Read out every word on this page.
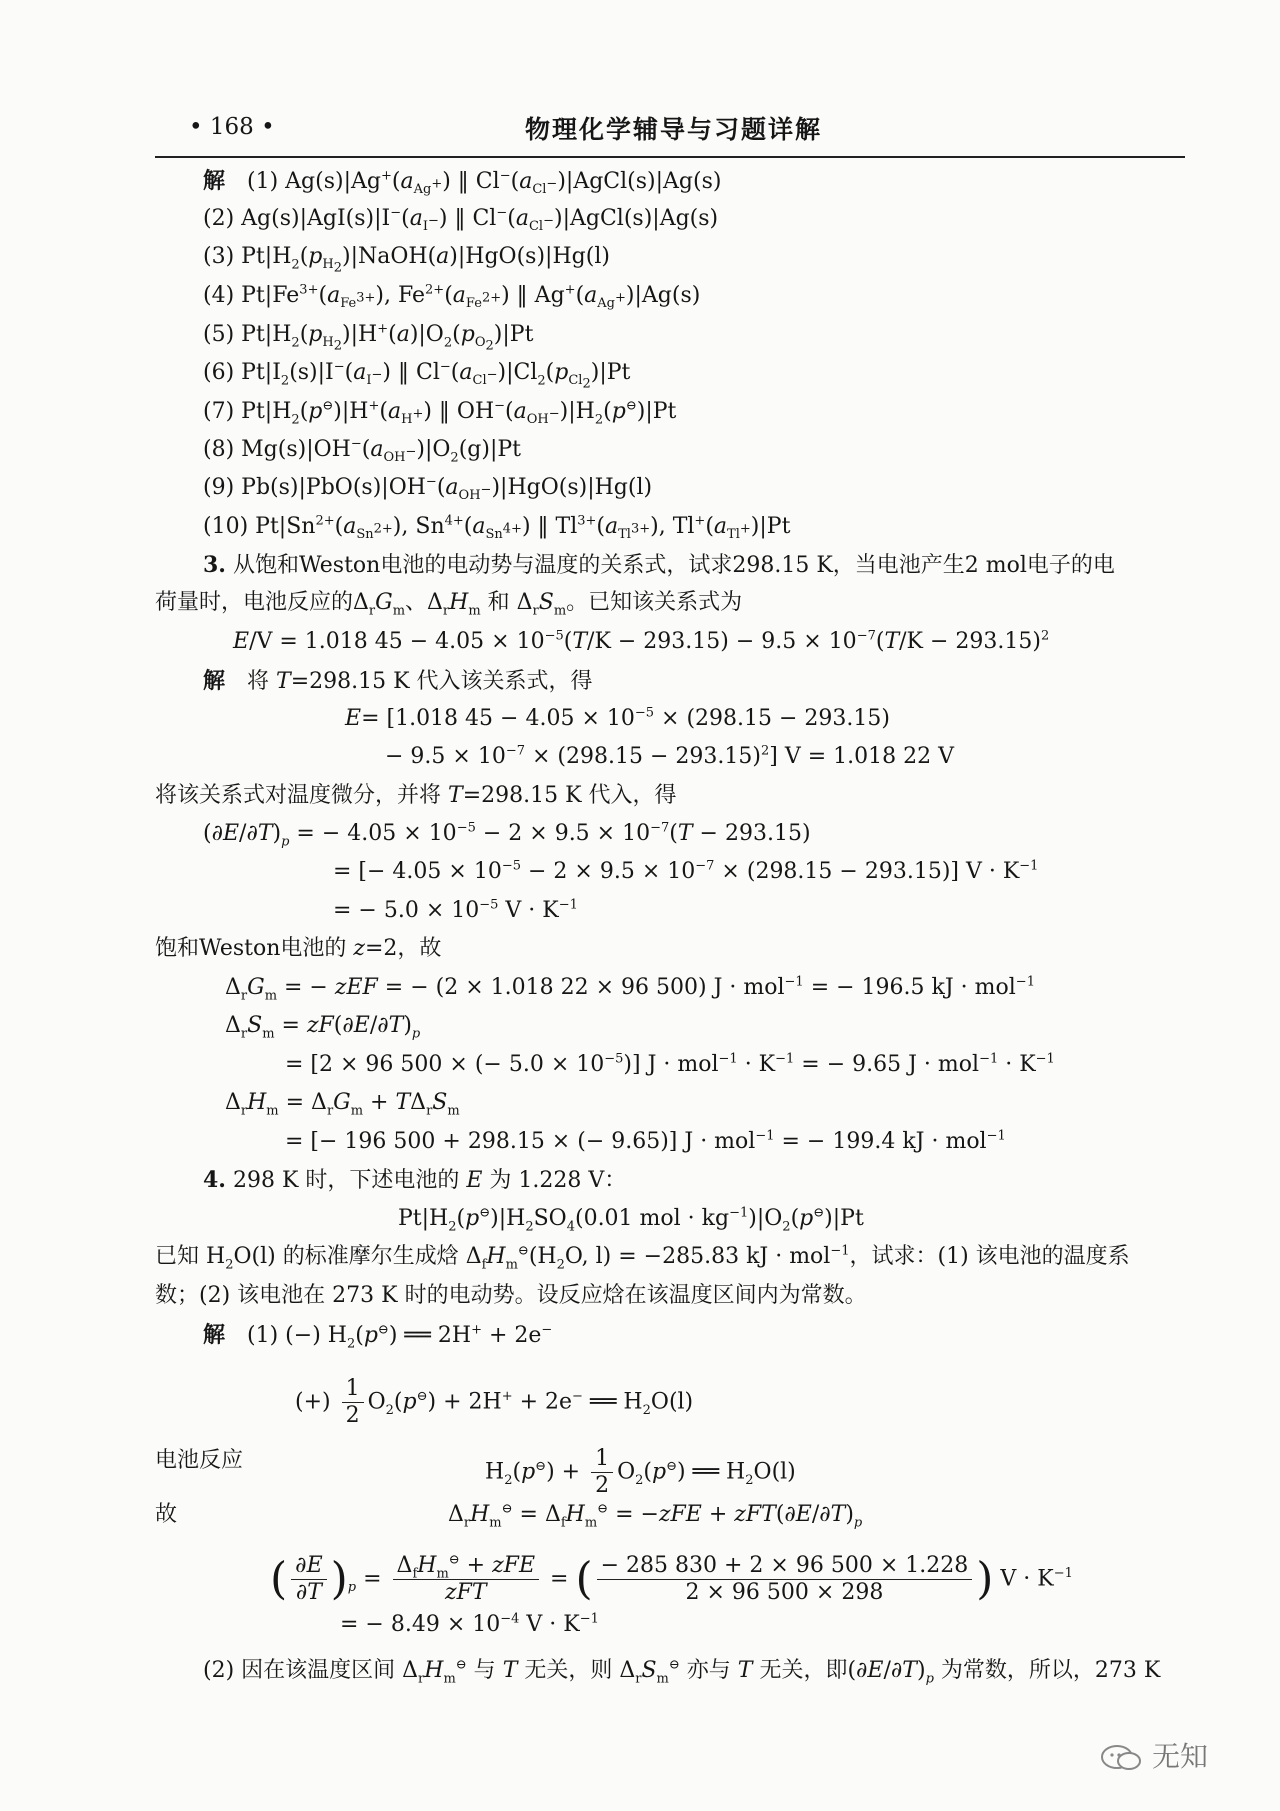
• 168 •	物理化学辅导与习题详解
解　(1) $Ag(s)|Ag^+(a_{Ag^+})$ ‖ $Cl^-(a_{Cl^-})|AgCl(s)|Ag(s)$
(2) $Ag(s)|AgI(s)|I^-(a_{I^-})$ ‖ $Cl^-(a_{Cl^-})|AgCl(s)|Ag(s)$
(3) $Pt|H_2(p_{H_2})|NaOH(a)|HgO(s)|Hg(l)$
(4) $Pt|Fe^{3+}(a_{Fe^{3+}})$, $Fe^{2+}(a_{Fe^{2+}})$ ‖ $Ag^+(a_{Ag^+})|Ag(s)$
(5) $Pt|H_2(p_{H_2})|H^+(a)|O_2(p_{O_2})|Pt$
(6) $Pt|I_2(s)|I^-(a_{I^-})$ ‖ $Cl^-(a_{Cl^-})|Cl_2(p_{Cl_2})|Pt$
(7) $Pt|H_2(p^⊖)|H^+(a_{H^+})$ ‖ $OH^-(a_{OH^-})|H_2(p^⊖)|Pt$
(8) $Mg(s)|OH^-(a_{OH^-})|O_2(g)|Pt$
(9) $Pb(s)|PbO(s)|OH^-(a_{OH^-})|HgO(s)|Hg(l)$
(10) $Pt|Sn^{2+}(a_{Sn^{2+}})$, $Sn^{4+}(a_{Sn^{4+}})$ ‖ $Tl^{3+}(a_{Tl^{3+}})$, $Tl^+(a_{Tl^+})|Pt$
3. 从饱和Weston电池的电动势与温度的关系式，试求298.15 K，当电池产生2 mol电子的电
荷量时，电池反应的$\Delta_rG_m$、$\Delta_rH_m$ 和 $\Delta_rS_m$。已知该关系式为
E/V = 1.018 $45 - 4.05 \times 10^{-5}(T/K - 293.15) - 9.5 \times 10^{-7}(T/K - 293.15)^2$
解　将 T=298.15 K 代入该关系式，得
E= [1.018 $45 - 4.05 \times 10^{-5} \times (298.15 - 293.15)$
− $9.5 \times 10^{-7} \times (298.15 - 293.15)^2$] V = 1.018 22 V
将该关系式对温度微分，并将 T=298.15 K 代入，得
$(\partial E/\partial T)_p$ = − $4.05 \times 10^{-5} - 2 \times 9.5 \times 10^{-7}(T - 293.15)$
= [− $4.05 \times 10^{-5} - 2 \times 9.5 \times 10^{-7} \times (298.15 - 293.15)$] $V \cdot K^{-1}$
= − $5.0 \times 10^{-5}$ $V \cdot K^{-1}$
饱和Weston电池的 z=2，故
$\Delta_rG_m$ = − zEF = − (2 × 1.018 22 × 96 500) J · mol$^{-1}$ = − 196.5 kJ · mol$^{-1}$
$\Delta_rS_m = zF(\partial E/\partial T)_p$
= [2 × 96 500 × (− $5.0 \times 10^{-5}$)] $J \cdot mol^{-1} \cdot K^{-1}$ = − 9.65 $J \cdot mol^{-1} \cdot K^{-1}$
$\Delta_rH_m = \Delta_rG_m + T\Delta_rS_m$
= [− 196 500 + 298.15 × (− 9.65)] J · mol$^{-1}$ = − 199.4 kJ · mol$^{-1}$
4. 298 K 时，下述电池的 E 为 1.228 V：
$Pt|H_2(p^⊖)|H_2SO_4(0.01$ mol · $kg^{-1})|O_2(p^⊖)|Pt$
已知 $H_2O(l)$ 的标准摩尔生成焓 $\Delta_fH_m^⊖(H_2O$, l) = −285.83 kJ · mol$^{-1}$，试求：(1) 该电池的温度系
数；(2) 该电池在 273 K 时的电动势。设反应焓在该温度区间内为常数。
解　(1) (−) $H_2(p^⊖)$ ══ 2H+ + 2e−
(+) $\frac{1}{2} O_2(p^⊖) + 2H^+ + 2e^-$ ══ $H_2O(l)$
电池反应	$H_2(p^⊖) + \frac{1}{2} O_2(p^⊖)$ ══ $H_2O(l)$
故	$\Delta_rH_m^⊖ = \Delta_fH_m^⊖ = -zFE + zFT(\partial E/\partial T)_p$
( $\frac{\partial E}{\partial T} )_p$ =
$\Delta_fH_m^⊖$ + zFE
zFT
= ( $\frac{- 285 830 + 2 \times 96 500 \times 1.228}{2 \times 96 500 \times 298}$ ) $V \cdot K^{-1}$
= − $8.49 \times 10^{-4}$ $V \cdot K^{-1}$
(2) 因在该温度区间 $\Delta_rH_m^⊖$ 与 T 无关，则 $\Delta_rS_m^⊖$ 亦与 T 无关，即$(\partial E/\partial T)_p$ 为常数，所以，273 K
无知
